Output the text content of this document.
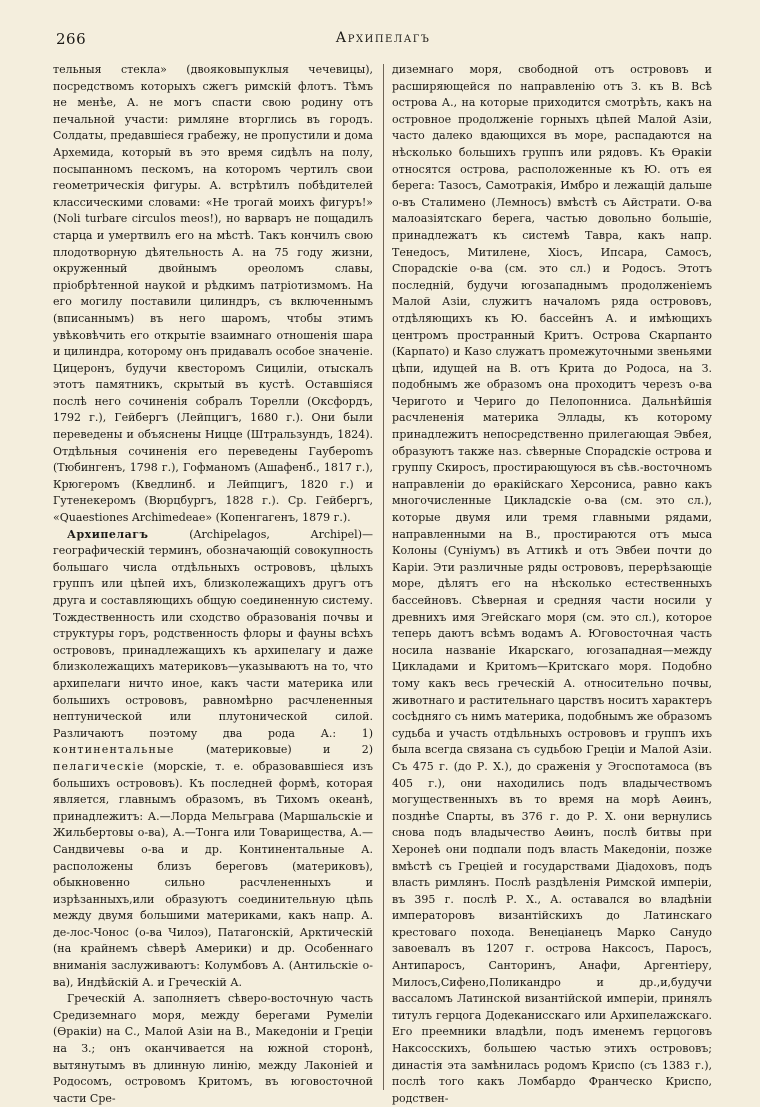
266	Архипелагъ

тельныя стекла» (двояковыпуклыя чечевицы), посредствомъ которыхъ сжегъ римскiй флотъ. Тѣмъ не менѣе, А. не могъ спасти свою родину отъ печальной участи: римляне вторглись въ городъ. Солдаты, предавшiеся грабежу, не пропустили и дома Архемида, который въ это время сидѣлъ на полу, посыпанномъ пескомъ, на которомъ чертилъ свои геометрическiя фигуры. А. встрѣтилъ побѣдителей классическими словами: «Не трогай моихъ фигуръ!» (Noli turbare circulos meos!), но варваръ не пощадилъ старца и умертвилъ его на мѣстѣ. Такъ кончилъ свою плодотворную дѣятельность А. на 75 году жизни, окруженный двойнымъ ореоломъ славы, прiобрѣтенной наукой и рѣдкимъ патрiотизмомъ. На его могилу поставили цилиндръ, съ включеннымъ (вписаннымъ) въ него шаромъ, чтобы этимъ увѣковѣчить его открытiе взаимнаго отношенiя шара и цилиндра, которому онъ придавалъ особое значенiе. Цицеронъ, будучи квесторомъ Сицилiи, отыскалъ этотъ памятникъ, скрытый въ кустѣ. Оставшiяся послѣ него сочиненiя собралъ Торелли (Оксфордъ, 1792 г.), Гейбергъ (Лейпцигъ, 1680 г.). Они были переведены и объяснены Ницце (Штральзундъ, 1824). Отдѣльныя сочиненiя его переведены Гаубероmъ (Тюбингенъ, 1798 г.), Гофманомъ (Ашафенб., 1817 г.), Крюгеромъ (Кведлинб. и Лейпцигъ, 1820 г.) и Гутенекеромъ (Вюрцбургъ, 1828 г.). Ср. Гейбергъ, «Quaestiones Archimedeae» (Копенгагенъ, 1879 г.).

Архипелагъ (Archipelagos, Archipel)—географическiй терминъ, обозначающiй совокупность большаго числа отдѣльныхъ острововъ, цѣлыхъ группъ или цѣпей ихъ, близколежащихъ другъ отъ друга и составляющихъ общую соединенную систему. Тождественность или сходство образованiя почвы и структуры горъ, родственность флоры и фауны всѣхъ острововъ, принадлежащихъ къ архипелагу и даже близколежащихъ материковъ—указываютъ на то, что архипелаги ничто иное, какъ части материка или большихъ острововъ, равномѣрно расчлененныя нептунической или плутонической силой. Различаютъ поэтому два рода А.: 1) континентальные (материковые) и 2) пелагическiе (морскiе, т. е. образовавшiеся изъ большихъ острововъ). Къ последней формѣ, которая является, главнымъ образомъ, въ Тихомъ океанѣ, принадлежитъ: А.—Лорда Мельграва (Маршальскiе и Жильбертовы о-ва), А.—Тонга или Товарищества, А.—Сандвичевы о-ва и др. Континентальные А. расположены близъ береговъ (материковъ), обыкновенно сильно расчлененныхъ и изрѣзанныхъ,или образуютъ соединительную цѣпь между двумя большими материками, какъ напр. А. де-лос-Чонос (о-ва Чилоэ), Патагонскiй, Арктическiй (на крайнемъ сѣверѣ Америки) и др. Особеннаго вниманiя заслуживаютъ: Колумбовъ А. (Антильскiе о-ва), Индѣйскiй А. и Греческiй А.

Греческiй А. заполняетъ сѣверо-восточную часть Средиземнаго моря, между берегами Румелiи (Өракiи) на С., Малой Азiи на В., Македонiи и Грецiи на З.; онъ оканчивается на южной сторонѣ, вытянутымъ въ длинную линiю, между Лаконiей и Родосомъ, островомъ Критомъ, въ юговосточной части Сре-

диземнаго моря, свободной отъ острововъ и расширяющейся по направленiю отъ З. къ В. Всѣ острова А., на которые приходится смотрѣть, какъ на островное продолженiе горныхъ цѣпей Малой Азiи, часто далеко вдающихся въ море, распадаются на нѣсколько большихъ группъ или рядовъ. Къ Өракiи относятся острова, расположенные къ Ю. отъ ея берега: Тазосъ, Самотракiя, Имбро и лежащiй дальше о-въ Сталимено (Лемносъ) вмѣстѣ съ Айстрати. О-ва малоазiятскаго берега, частью довольно большiе, принадлежатъ къ системѣ Тавра, какъ напр. Тенедосъ, Митилене, Хiосъ, Ипсара, Самосъ, Спорадскiе о-ва (см. это сл.) и Родосъ. Этотъ последнiй, будучи югозападнымъ продолженiемъ Малой Азiи, служитъ началомъ ряда острововъ, отдѣляющихъ къ Ю. бассейнъ А. и имѣющихъ центромъ пространный Критъ. Острова Скарпанто (Карпато) и Казо служатъ промежуточными звеньями цѣпи, идущей на В. отъ Крита до Родоса, на З. подобнымъ же образомъ она проходитъ черезъ о-ва Черигото и Черигo до Пелопонниса. Дальнѣйшiя расчлененiя материка Эллады, къ которому принадлежитъ непосредственно прилегающая Эвбея, образуютъ также наз. сѣверные Спорадскiе острова и группу Скиросъ, простирающуюся въ сѣв.-восточномъ направленiи до өракiйскаго Херсониса, равно какъ многочисленные Цикладскiе о-ва (см. это сл.), которые двумя или тремя главными рядами, направленными на В., простираются отъ мыса Колоны (Сунiумъ) въ Аттикѣ и отъ Эвбеи почти до Карiи. Эти различные ряды острововъ, перерѣзающiе море, дѣлятъ его на нѣсколько естественныхъ бассейновъ. Сѣверная и средняя части носили у древнихъ имя Эгейскаго моря (см. это сл.), которое теперь даютъ всѣмъ водамъ А. Юговосточная часть носила названiе Икарскаго, югозападная—между Цикладами и Критомъ—Критскаго моря. Подобно тому какъ весь греческiй А. относительно почвы, животнаго и растительнаго царствъ носитъ характеръ сосѣдняго съ нимъ материка, подобнымъ же образомъ судьба и участь отдѣльныхъ острововъ и группъ ихъ была всегда связана съ судьбою Грецiи и Малой Азiи. Съ 475 г. (до Р. Х.), до сраженiя у Эгоспотамоса (въ 405 г.), они находились подъ владычествомъ могущественныхъ въ то время на морѣ Аөинъ, позднѣе Спарты, въ 376 г. до Р. Х. они вернулись снова подъ владычество Аөинъ, послѣ битвы при Херонеѣ они подпали подъ власть Македонiи, позже вмѣстѣ съ Грецiей и государствами Дiадоховъ, подъ власть римлянъ. Послѣ раздѣленiя Римской имперiи, въ 395 г. послѣ Р. Х., А. оставался во владѣнiи императоровъ византiйскихъ до Латинскаго крестоваго похода. Венецiанецъ Марко Санудо завоевалъ въ 1207 г. острова Наксосъ, Паросъ, Антипаросъ, Санторинъ, Анафи, Аргентiеру, Милосъ,Сифено,Поликандро и др.,и,будучи вассаломъ Латинской византiйской имперiи, принялъ титулъ герцога Додеканисскаго или Архипелажскаго. Его преемники владѣли, подъ именемъ герцоговъ Наксосскихъ, большею частью этихъ острововъ; династiя эта замѣнилась родомъ Криспо (съ 1383 г.), послѣ того какъ Ломбардо Франческо Криспо, родствен-
